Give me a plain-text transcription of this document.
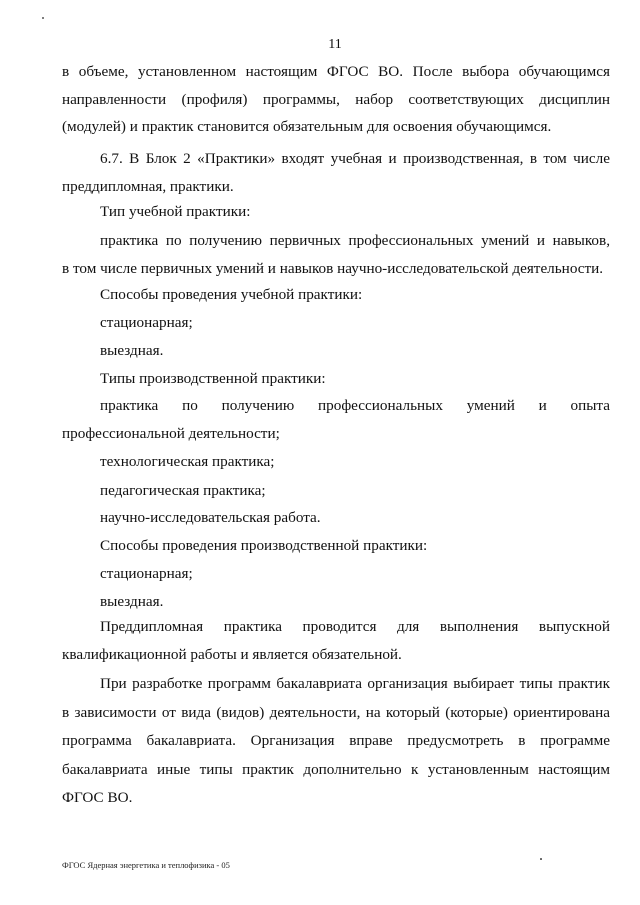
11
в объеме, установленном настоящим ФГОС ВО. После выбора обучающимся
направленности (профиля) программы, набор соответствующих дисциплин
(модулей) и практик становится обязательным для освоения обучающимся.
6.7. В Блок 2 «Практики» входят учебная и производственная, в том числе
преддипломная, практики.

Тип учебной практики:

практика по получению первичных профессиональных умений и навыков,
в том числе первичных умений и навыков научно-исследовательской деятельности.

Способы проведения учебной практики:

стационарная;

выездная.

Типы производственной практики:

практика по получению профессиональных умений и опыта
профессиональной деятельности;

технологическая практика;

педагогическая практика;

научно-исследовательская работа.

Способы проведения производственной практики:

стационарная;

выездная.

Преддипломная практика проводится для выполнения выпускной
квалификационной работы и является обязательной.
При разработке программ бакалавриата организация выбирает типы практик
в зависимости от вида (видов) деятельности, на который (которые) ориентирована
программа бакалавриата. Организация вправе предусмотреть в программе
бакалавриата иные типы практик дополнительно к установленным настоящим
ФГОС ВО.
ФГОС Ядерная энергетика и теплофизика - 05
